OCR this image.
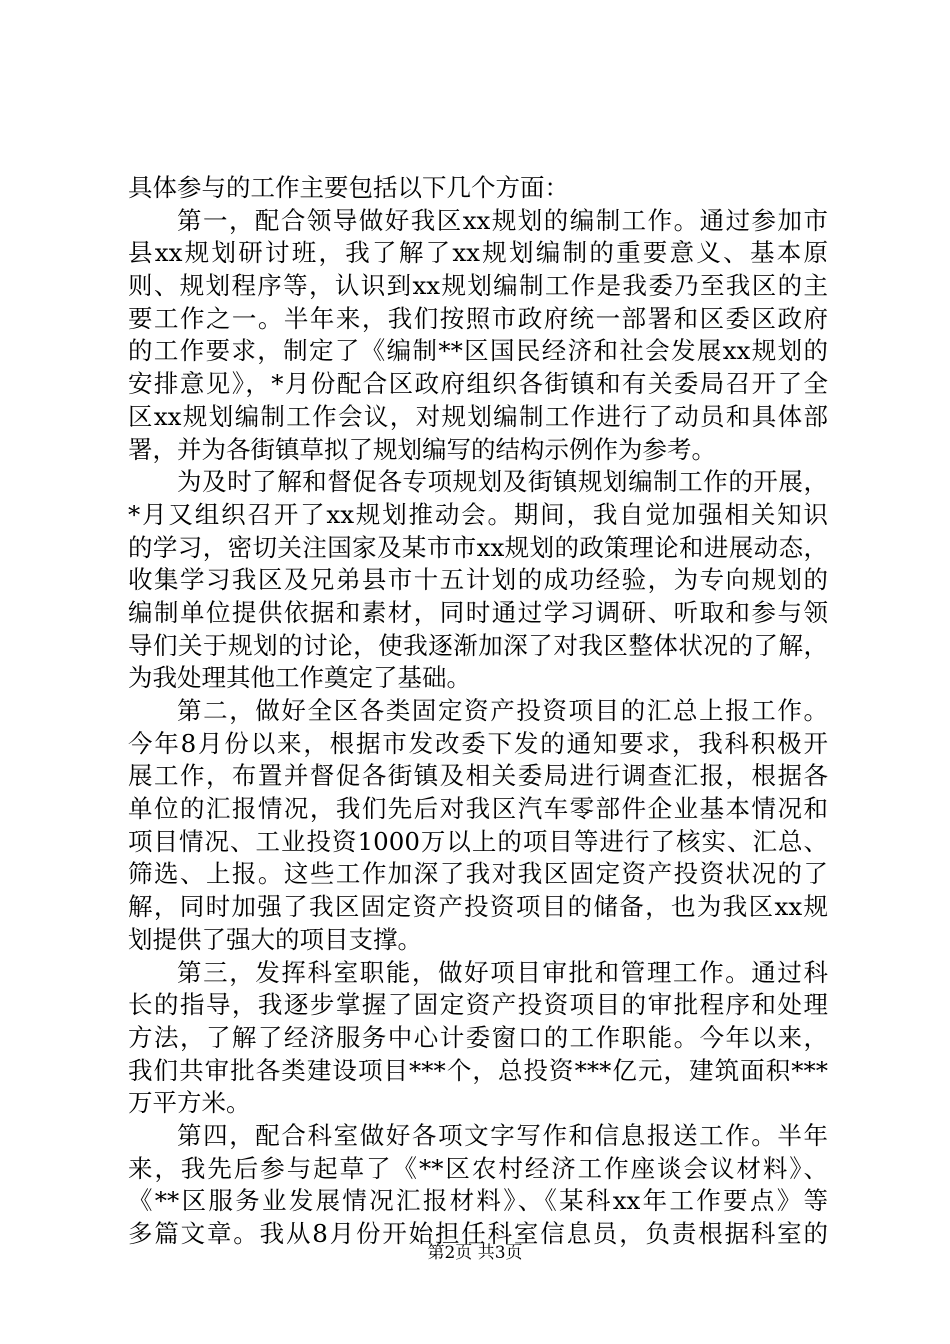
具体参与的工作主要包括以下几个方面：
第一，配合领导做好我区xx规划的编制工作。通过参加市
县xx规划研讨班，我了解了xx规划编制的重要意义、基本原
则、规划程序等，认识到xx规划编制工作是我委乃至我区的主
要工作之一。半年来，我们按照市政府统一部署和区委区政府
的工作要求，制定了《编制**区国民经济和社会发展xx规划的
安排意见》，*月份配合区政府组织各街镇和有关委局召开了全
区xx规划编制工作会议，对规划编制工作进行了动员和具体部
署，并为各街镇草拟了规划编写的结构示例作为参考。
为及时了解和督促各专项规划及街镇规划编制工作的开展，
*月又组织召开了xx规划推动会。期间，我自觉加强相关知识
的学习，密切关注国家及某市市xx规划的政策理论和进展动态，
收集学习我区及兄弟县市十五计划的成功经验，为专向规划的
编制单位提供依据和素材，同时通过学习调研、听取和参与领
导们关于规划的讨论，使我逐渐加深了对我区整体状况的了解，
为我处理其他工作奠定了基础。
第二，做好全区各类固定资产投资项目的汇总上报工作。
今年8月份以来，根据市发改委下发的通知要求，我科积极开
展工作，布置并督促各街镇及相关委局进行调查汇报，根据各
单位的汇报情况，我们先后对我区汽车零部件企业基本情况和
项目情况、工业投资1000万以上的项目等进行了核实、汇总、
筛选、上报。这些工作加深了我对我区固定资产投资状况的了
解，同时加强了我区固定资产投资项目的储备，也为我区xx规
划提供了强大的项目支撑。
第三，发挥科室职能，做好项目审批和管理工作。通过科
长的指导，我逐步掌握了固定资产投资项目的审批程序和处理
方法，了解了经济服务中心计委窗口的工作职能。今年以来，
我们共审批各类建设项目***个，总投资***亿元，建筑面积***
万平方米。
第四，配合科室做好各项文字写作和信息报送工作。半年
来，我先后参与起草了《**区农村经济工作座谈会议材料》、
《**区服务业发展情况汇报材料》、《某科xx年工作要点》等
多篇文章。我从8月份开始担任科室信息员，负责根据科室的
第2页 共3页
